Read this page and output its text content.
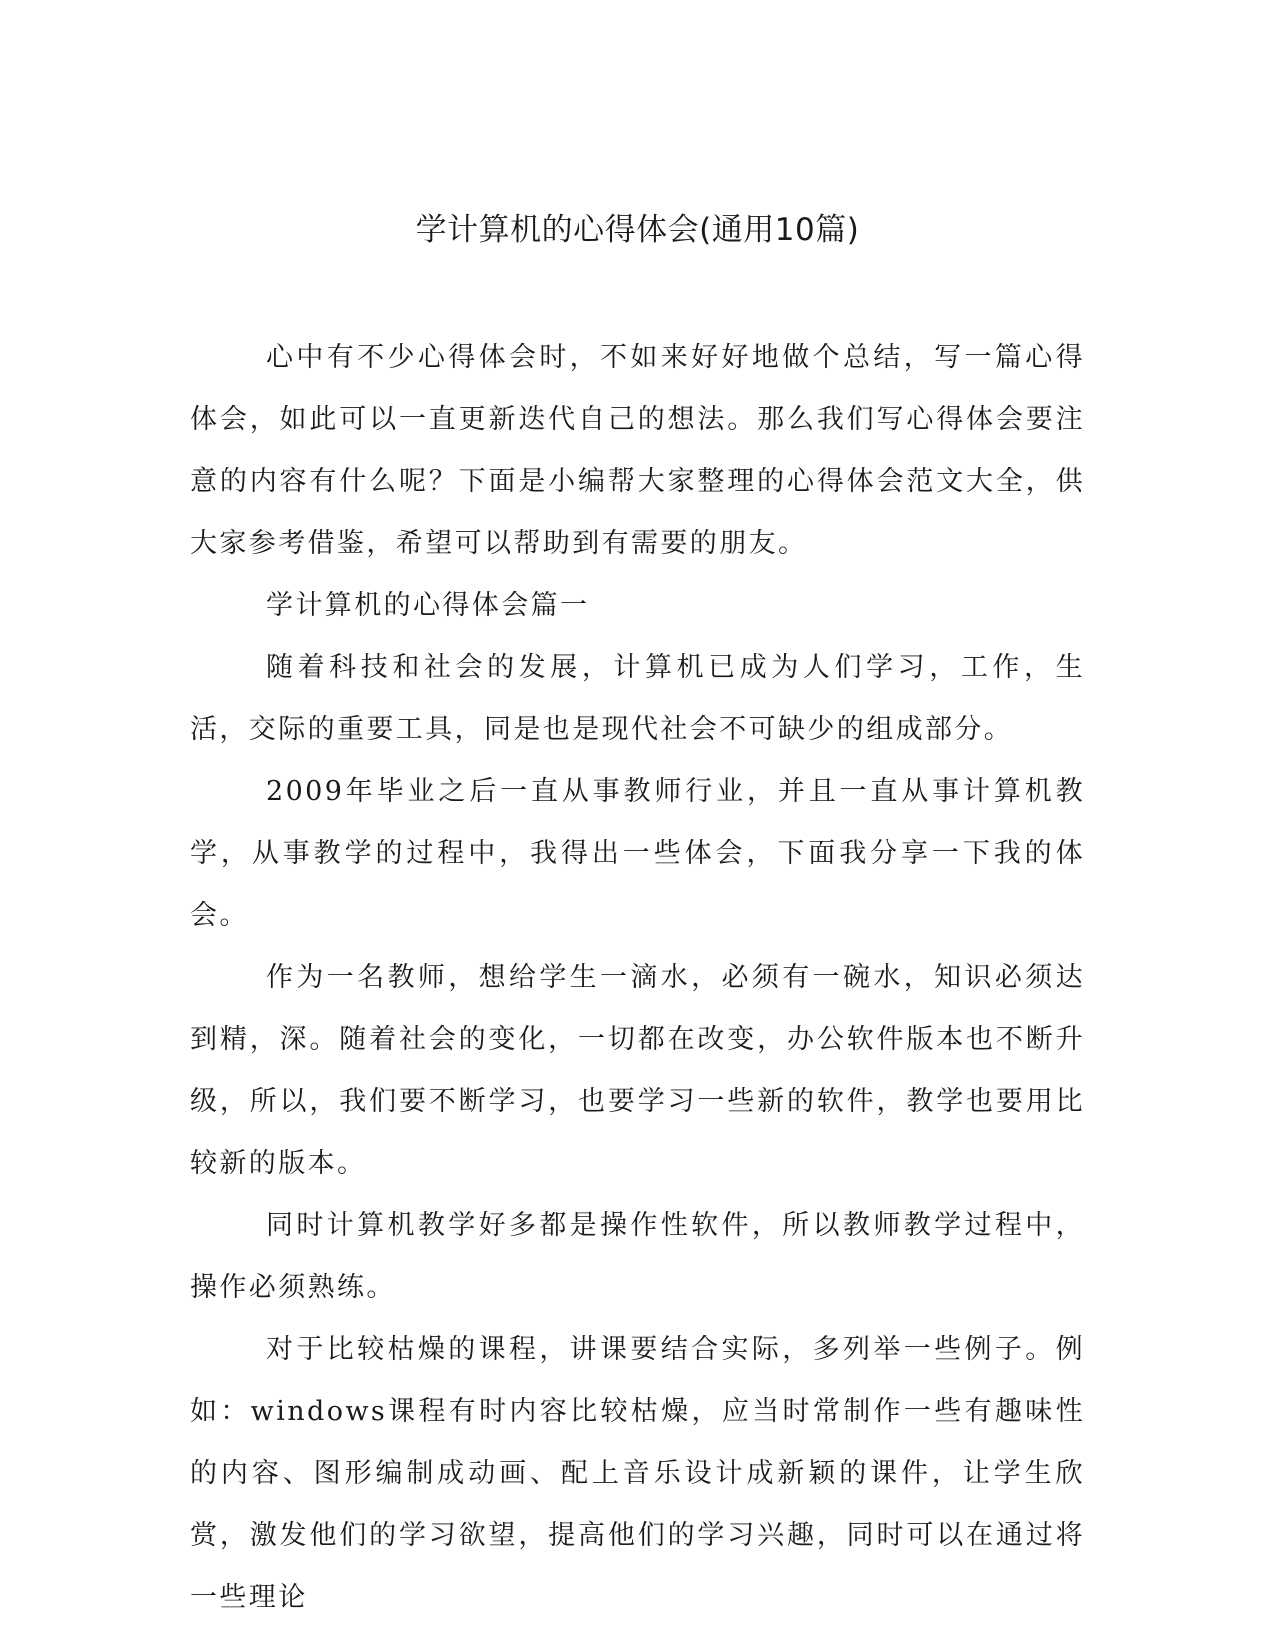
学计算机的心得体会(通用10篇)

心中有不少心得体会时，不如来好好地做个总结，写一篇心得体会，如此可以一直更新迭代自己的想法。那么我们写心得体会要注意的内容有什么呢？下面是小编帮大家整理的心得体会范文大全，供大家参考借鉴，希望可以帮助到有需要的朋友。

学计算机的心得体会篇一

随着科技和社会的发展，计算机已成为人们学习，工作，生活，交际的重要工具，同是也是现代社会不可缺少的组成部分。

2009年毕业之后一直从事教师行业，并且一直从事计算机教学，从事教学的过程中，我得出一些体会，下面我分享一下我的体会。

作为一名教师，想给学生一滴水，必须有一碗水，知识必须达到精，深。随着社会的变化，一切都在改变，办公软件版本也不断升级，所以，我们要不断学习，也要学习一些新的软件，教学也要用比较新的版本。

同时计算机教学好多都是操作性软件，所以教师教学过程中，操作必须熟练。

对于比较枯燥的课程，讲课要结合实际，多列举一些例子。例如：windows课程有时内容比较枯燥，应当时常制作一些有趣味性的内容、图形编制成动画、配上音乐设计成新颖的课件，让学生欣赏，激发他们的学习欲望，提高他们的学习兴趣，同时可以在通过将一些理论
